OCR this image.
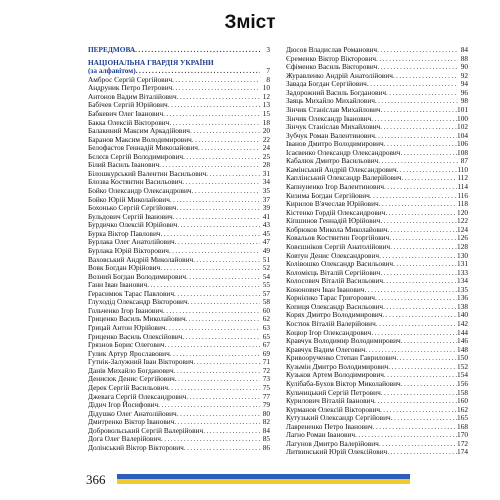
Зміст
ПЕРЕДМОВА . . .	3
НАЦІОНАЛЬНА ГВАРДІЯ УКРАЇНИ
(за алфавітом) . . .	7
Амброс Сергій Сергійович . . .	8
Андруник Петро Петрович . . .	10
Антонов Вадим Віталійович . . .	12
Бабічев Сергій Юрійович . . .	13
Бабкевич Олег Іванович . . .	15
Бакка Олексій Вікторович . . .	18
Балакиний Максим Аркадійович . . .	20
Баранов Максим Володимирович . . .	22
Белофастов Геннадій Миколайович . . .	24
Бєлєєв Сергій Володимирович . . .	25
Білий Василь Іванович . . .	28
Білошкурський Валентин Васильович . . .	31
Блозва Костянтин Васильович . . .	34
Бойко Олександр Олександрович . . .	35
Бойко Юрій Миколайович . . .	37
Бохонько Сергій Сергійович . . .	39
Бульдович Сергій Іванович . . .	41
Бурдичко Олексій Юрійович . . .	43
Бурка Віктор Павлович . . .	45
Бурлака Олег Анатолійович . . .	47
Бурлака Юрій Вікторович . . .	49
Ваховський Андрій Миколайович . . .	51
Вовк Богдан Юрійович . . .	52
Возний Богдан Володимирович . . .	54
Ганн Іван Іванович . . .	55
Герасимюк Тарас Павлович . . .	57
Глуходід Олександр Вікторович . . .	58
Гольченко Ігор Іванович . . .	60
Гриценко Василь Миколайович . . .	62
Грицай Антон Юрійович . . .	63
Гриценко Василь Олексійович . . .	65
Грязнов Борис Олегович . . .	67
Гулик Артур Ярославович . . .	69
Гутнік-Залужний Іван Вікторович . . .	71
Данів Михайло Богданович . . .	72
Денисюк Денис Сергійович . . .	73
Дерек Сергій Васильович . . .	75
Джевага Сергій Олександрович . . .	77
Дідич Ігор Йосифович . . .	79
Дідушко Олег Анатолійович . . .	80
Дмитренко Віктор Іванович . . .	82
Добровольський Сергій Валерійович . . .	84
Дога Олег Валерійович . . .	85
Долінський Віктор Вікторович . . .	86
Дюсов Владислав Романович . . .	84
Єременко Віктор Вікторович . . .	88
Єфіменко Василь Вікторович . . .	90
Журавленко Андрій Анатолійович . . .	92
Завада Богдан Сергійович . . .	94
Задорожний Василь Богданович . . .	96
Заяць Михайло Михайлович . . .	98
Зінчик Станіслав Михайлович . . .	101
Зінчик Олександр Іванович . . .	100
Зінчук Станіслав Михайлович . . .	102
Зубчук Роман Валентинович . . .	104
Іванов Дмитро Володимирович . . .	106
Ісаєвенко Олександр Олександрович . . .	108
Кабалюк Дмитро Васильович . . .	87
Камінський Андрій Олександрович . . .	110
Каплінський Олександр Валерійович . . .	112
Капнуненко Ігор Валентинович . . .	114
Кизима Богдан Сергійович . . .	116
Кирилов В'ячеслав Юрійович . . .	118
Кістенко Гордій Олександрович . . .	120
Кіпшинов Геннадій Юрійович . . .	122
Кобрюков Микола Миколайович . . .	124
Ковальов Костянтин Георгійович . . .	126
Ковєшніков Сергій Анатолійович . . .	128
Ковтун Денис Олександрович . . .	130
Колівошко Олександр Васильович . . .	131
Коломієць Віталій Сергійович . . .	133
Колосович Віталій Васильович . . .	134
Кононович Іван Іванович . . .	135
Корнієнко Тарас Григорович . . .	136
Копиця Олександр Васильович . . .	138
Корях Дмитро Володимирович . . .	140
Костюк Віталій Валерійович . . .	142
Коцюр Ігор Олександрович . . .	144
Кравчук Володимир Володимирович . . .	146
Кравчук Вадим Олегович . . .	148
Кривоорученко Степан Гаврилович . . .	150
Кузьмін Дмитро Володимирович . . .	152
Кузьков Артем Володимирович . . .	154
Кулібаба-Бухов Віктор Миколайович . . .	156
Кульчицький Сергій Петрович . . .	158
Курилович Віталій Іванович . . .	160
Курманов Олексій Вікторович . . .	162
Кутузький Олександр Сергійович . . .	165
Лаврененко Петро Іванович . . .	168
Лагно Роман Іванович . . .	170
Лагунов Дмитро Валерійович . . .	172
Литвинський Юрій Олексійович . . .	174
366
